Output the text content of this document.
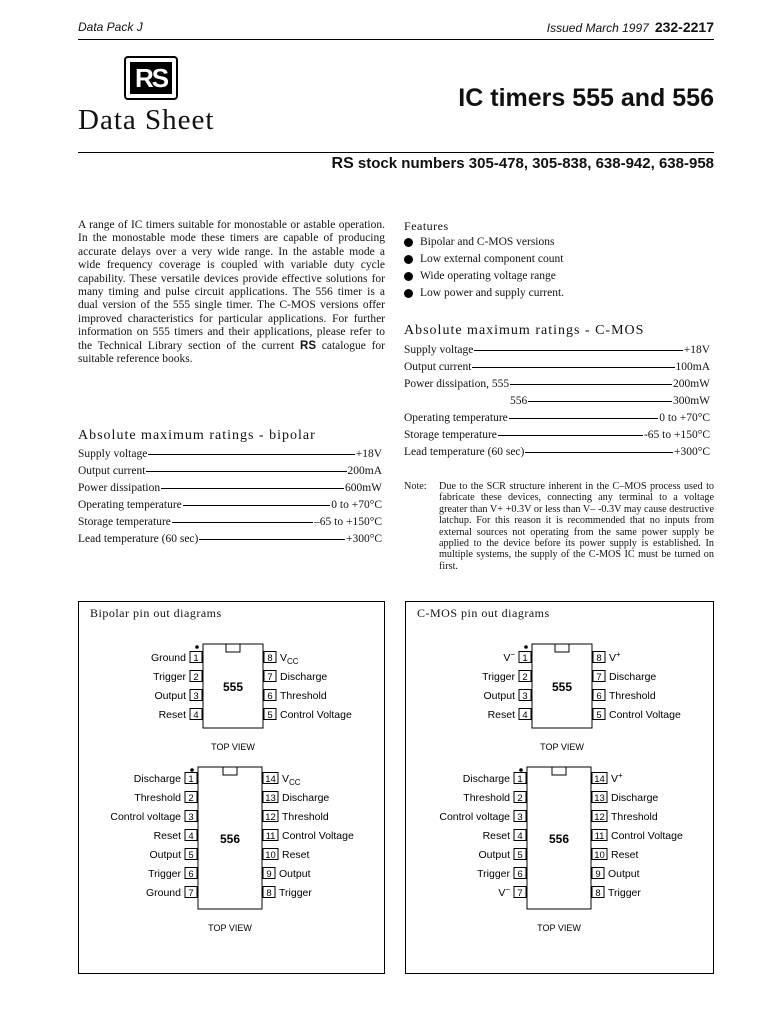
Data Pack J	Issued March 1997 232-2217
RS
Data Sheet
IC timers 555 and 556
RS stock numbers 305-478, 305-838, 638-942, 638-958
A range of IC timers suitable for monostable or astable operation. In the monostable mode these timers are capable of producing accurate delays over a very wide range. In the astable mode a wide frequency coverage is coupled with variable duty cycle capability. These versatile devices provide effective solutions for many timing and pulse circuit applications. The 556 timer is a dual version of the 555 single timer. The C-MOS versions offer improved characteristics for particular applications. For further information on 555 timers and their applications, please refer to the Technical Library section of the current RS catalogue for suitable reference books.
Absolute maximum ratings - bipolar
Supply voltage	+18V
Output current	200mA
Power dissipation	600mW
Operating temperature	0 to +70°C
Storage temperature	–65 to +150°C
Lead temperature (60 sec)	+300°C
Features
Bipolar and C-MOS versions
Low external component count
Wide operating voltage range
Low power and supply current.
Absolute maximum ratings - C-MOS
Supply voltage	+18V
Output current	100mA
Power dissipation, 555	200mW
556	300mW
Operating temperature	0 to +70°C
Storage temperature	-65 to +150°C
Lead temperature (60 sec)	+300°C
Note: Due to the SCR structure inherent in the C–MOS process used to fabricate these devices, connecting any terminal to a voltage greater than V+ +0.3V or less than V– -0.3V may cause destructive latchup. For this reason it is recommended that no inputs from external sources not operating from the same power supply be applied to the device before its power supply is established. In multiple systems, the supply of the C-MOS IC must be turned on first.
Bipolar pin out diagrams
1
Ground	8 $V_{CC}$
2
Trigger	7 Discharge
3
Output	6 Threshold
4
Reset	5 Control Voltage
555
TOP VIEW
1
Discharge	14 $V_{CC}$
2
Threshold	13 Discharge
3
Control voltage	12 Threshold
4
Reset	11 Control Voltage
5
Output	10 Reset
6
Trigger	9 Output
7
Ground	8 Trigger
556
TOP VIEW
C-MOS pin out diagrams
1
V−	8 V+
2
Trigger	7 Discharge
3
Output	6 Threshold
4
Reset	5 Control Voltage
555
TOP VIEW
1
Discharge	14 V+
2
Threshold	13 Discharge
3
Control voltage	12 Threshold
4
Reset	11 Control Voltage
5
Output	10 Reset
6
Trigger	9 Output
7
V−	8 Trigger
556
TOP VIEW
